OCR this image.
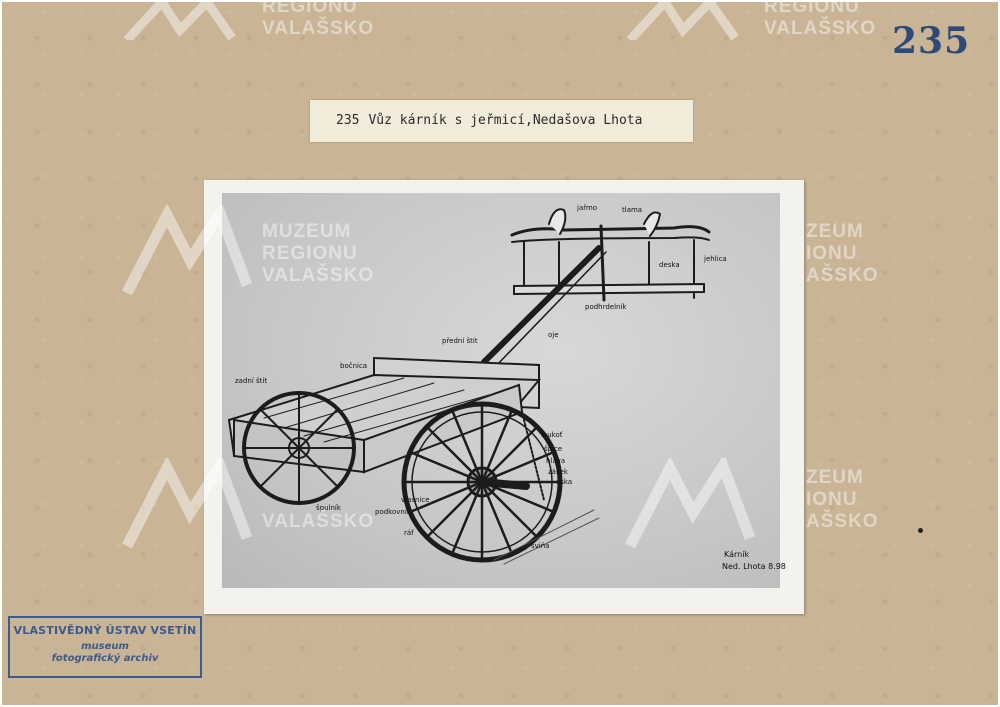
REGIONU
VALAŠSKO
REGIONU
VALAŠSKO 235
235 Vůz kárník s jeřmicí,Nedašova Lhota
jařmo	tlama
deska
jehlica
podhrdelník
přední štít
oje
bočnica
zadní štít
loukoť
špice
hlava
zásek
oska
vlasnice
špulník	podkovník
ráf
sviňa
Kárník
Ned. Lhota 8.98
MUZEUM
REGIONU
VALAŠSKO
ZEUM
IONU
AŠSKO
VALAŠSKO
ZEUM
IONU
AŠSKO
VLASTIVĚDNÝ ÚSTAV VSETÍN
museum
fotografický archiv
